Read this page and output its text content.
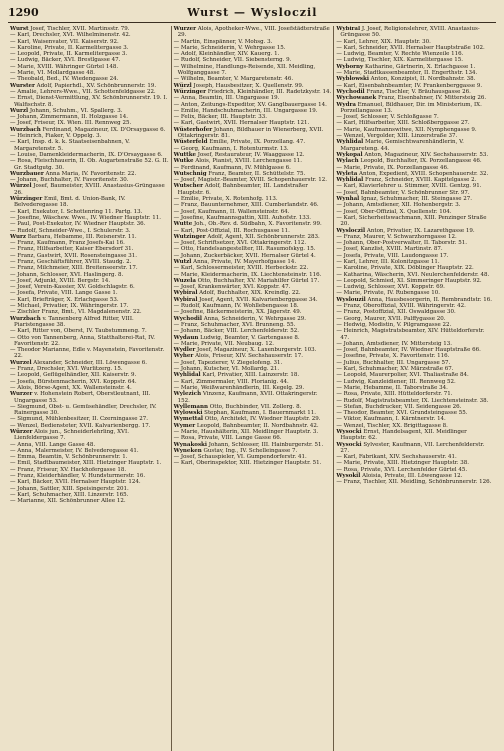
1290	Wurst — Wysloczil
Wurst Josef, Tischler, XVII. Martinsstr. 79.
— Karl, Drechsler, XVI. Wilhelminenstr. 42.
— Karl, Waisenvater, VII. Kaiserstr. 92.
— Karoline, Private, II. Karmelitergasse 3.
— Leopold, Private, II. Karmelitergasse 3.
— Ludwig, Bäcker, XVI. Brestlgasse 47.
— Marie, XVIII. Währinger Gürtel 148.
— Marie, VI. Mollardgasse 48.
— Theobald, Bed., IV. Wiedengasse 24.
Wurster Adolf, Papierhdl., XV. Schönbrunnerstr. 19.
— Amalie, Lehrers-Wwe., VII. Schottenfeldgasse 22.
— Ernst, Dienst-Vermittlung, XV. Schönbrunnerstr. 19. I. Walfischstr. 8.
Wurzl Johann, Schuhm., VI. Spallerg. 3.
— Johann, Zimmermann, II. Holzgasse 14.
— Josef, Friseur, IX. Wien. III. Rennweg 25.
Wurzbach Ferdinand, Magazineur, IX. D'Orsaygasse 6.
— Heinrich, Fiaker, V. Oppelg. 3.
— Karl, Insp. d. k. k. Staatseisenbahnen, V. Margaretenstr. 5.
— Louise, Damenkleidermacherin, IX. D'Orsaygasse 6.
— Rosa, Fleischhauerin, II. Ob. Augartenstraße 52. G. II. Gr. Stadtgutg. 30.
Wurzbauer Anna Maria, IV. Favoritenstr. 22.
— Johann, Buchhalter, IV. Favoritenstr. 30.
Würzel Josef, Baumeister, XVIII. Anastasius-Grüngasse 26.
Würzinger Emil, Bmt. d. Union-Bank, IV. Belvederegasse 18.
— Karl, Exekutor, I. Schottenring 11. Partg. 13.
— Josefine, Wäschew. Wwe., IV. Wiedner Hauptstr. 11.
— Paul, Post-Exekutor, IV. Wiedner Hauptstr. 36.
— Rudolf, Schneider-Wwe., I. Schulerstr. 3.
Wurz Barbara, Hebamme, III. Reisnerstr. 11.
— Franz, Kaufmann, Franz Josefs-Kai 16.
— Franz, Hilfsarbeiter, Kaiser Ebersdorf 31.
— Franz, Gastwirt, XVII. Rosensteingasse 31.
— Franz, Geschäftsführer, XVIII. Staudg. 2.
— Franz, Milchmeier, XIII. Breitenseerstr. 17.
— Johann, Schlosser, XVI. Haslingerg. 8.
— Josef, Adjunkt, XVIII. Bergstr. 14.
— Josef, Verein-Kassier, XV. Goldschlagstr. 6.
— Josefa, Private, VIII. Lange Gasse 1.
— Karl, Briefträger, X. Erlachgasse 53.
— Michael, Privatier, IX. Währingerstr. 17.
— Zischler Franz, Bmt., VI. Magdalenenstr. 22.
Wurzbach v. Tannenberg Alfred Ritter, VIII. Piaristengasse 38.
— Karl, Ritter von, Oberst, IV. Taubstummeng. 7.
— Otto von Tannenberg, Anna, Statthalterei-Rat, IV. Favoritenstr. 22.
— Theodor Marianne, Edle v. Mayenstein, Favoritenstr. 22.
Wurzel Alexander, Schneider, III. Löwengasse 6.
— Franz, Drechsler, XVI. Wurlitzerg. 15.
— Leopold, Geflügelhändler, XII. Kaiserstr. 9.
— Josefa, Bürstenmacherin, XVI. Koppstr. 64.
— Alois, Börse-Agent, XX. Wallensteinstr. 4.
Wurzer v. Hohenstein Robert, Oberstleutnant, III. Ungargasse 53.
— Siegmund, Obst- u. Gemüsehändler, Drechsler, IV. Rainergasse 30.
— Sigmund, Mühlenbesitzer, II. Czerningasse 27.
— Wenzel, Bediensteter, XVII. Kalvarienbergg. 17.
Würzer Alois jun., Schneiderlehrling, XVI. Lienfeldergasse 7.
— Anna, VIII. Lange Gasse 48.
— Anna, Malermeister, IV. Belvederegasse 41.
— Emma, Beamtin, V. Schönbrunnerstr. 1.
— Emil, Stadtbaumeister, XIII. Hietzinger Hauptstr. 1.
— Franz, Friseur, XV. Hackhofergasse 18.
— Franz, Kleiderhändler, V. Hundsturmerstr. 16.
— Karl, Bäcker, XVII. Hernalser Hauptstr. 124.
— Johann, Sattler, XIII. Speisingerstr. 201.
— Karl, Schuhmacher, XIII. Linzerstr. 165.
— Marianne, XII. Schönbrunner Allee 12.
Wurzer Alois, Apotheker-Wwe., VIII. Josefstädterstraße 29.
— Martin, Einspänner, V. Mohsg. 3.
— Marie, Schneiderin, V. Wehrgasse 15.
— Adolf, Kleinhändler, XIV. Kauerg. 1.
— Rudolf, Schneider, VII. Siebensterng. 9.
— Wilhelmine, Handlungs-Reisende, XII. Meidling, Wolfganggasse 7.
— Wilhelm, Beamter, V. Margaretenstr. 46.
Würzl Joseph, Hausbesitzer, X. Quellenstr. 99.
Würzinger Friedrich, Kleinhändler, III. Radetzkystr. 14.
— Anna, Beamtin, III. Ungargasse 19.
— Anton, Zeitungs-Expeditor, XV. Ganglbauergasse 14.
— Emilie, Handschuhmacherin, III. Ungargasse 19.
— Felix, Bäcker, III. Hauptstr. 33.
— Karl, Gastwirt, XVII. Hernalser Hauptstr. 121.
Wüsterhofer Johann, Bildhauer in Wienerberg, XVII. Ottakringerstr. 81.
Wüsterfeld Emilie, Private, IX. Porzellang. 47.
— Georg, Kaufmann, I. Rotenturmstr. 13.
Wuttke Josef, Restaurateur, IV. Waaggasse 12.
Wutke Alois, Pianist, XVIII. Lerchengasse 11.
— Ferdinand, Kaufmann, IV. Mühlgasse 6.
Wutschnig Franz, Beamter, II. Schüttelstr. 75.
— Josef, Magistr.-Beamter, XVIII. Schopenhauerstr. 12.
Wutscher Adolf, Bahnbeamter, III. Landstraßer Hauptstr. 6.
— Emilie, Private, X. Rotenhofg. 113.
— Franz, Bauunternehmer, XIII. Cumberlandstr. 46.
— Josef, Kaufmann, II. Wallensteinstr. 64.
— Josefine, Kaufmannsgattin, XIII. Auhofstr. 133.
Wutte Joh., Ob.-Rev. d. Südbahn, X. Favoritenstr. 99.
— Karl, Post-Offizial, III. Rochusgasse 11.
Wutzinger Adolf, Agent, XII. Schönbrunnerstr. 283.
— Josef, Schriftsetzer, XVI. Ottakringerstr. 112.
— Otto, Handelsangestellter, III. Rasumofskyg. 15.
— Johann, Zuckerbäcker, XVII. Hernalser Gürtel 4.
Wutzl Anna, Private, IV. Mayerhofgasse 14.
— Karl, Schlossermeister, XVIII. Herbeckstr. 22.
— Marie, Kleidermacherin, IX. Liechtensteinstr. 116.
Wuzela Otto, Buchhalter, XV. Mariahilfer Gürtel 17.
— Josef, Krankenwärter, XVI. Koppstr. 47.
Wybiral Adolf, Buchhalter, XIX. Kreindlg. 22.
Wybiral Josef, Agent, XVII. Kalvarienberggasse 34.
— Rudolf, Kaufmann, IV. Wohllebengasse 18.
— Josefine, Bäckermeisterin, XX. Jägerstr. 49.
Wychodil Anna, Schneiderin, V. Wehrgasse 29.
— Franz, Schuhmacher, XVI. Brunneng. 55.
— Johann, Bäcker, VIII. Lerchenfelderstr. 52.
Wydaun Ludwig, Beamter, V. Gartengasse 8.
— Marie, Private, VII. Neubaug. 12.
Wydler Josef, Magazineur, X. Laxenburgerstr. 103.
Wyher Alois, Friseur, XIV. Sechshauserstr. 17.
— Josef, Tapezierer, V. Ziegelofeng. 31.
— Johann, Kutscher, VI. Mollardg. 21.
Wyhlidal Karl, Privatier, XIII. Lainzerstr. 18.
— Karl, Zimmermaler, VIII. Florianig. 44.
— Marie, Weißwarenhändlerin, III. Kegelg. 29.
Wylezich Vinzenz, Kaufmann, XVII. Ottakringerstr. 152.
Wyllemann Otto, Buchbinder, VII. Zollerg. 8.
Wylowski Stephan, Kaufmann, I. Bauernmarkt 11.
Wymettal Otto, Architekt, IV. Wiedner Hauptstr. 29.
Wymer Leopold, Bahnbeamter, II. Nordbahnstr. 42.
— Marie, Haushälterin, XII. Meidlinger Hauptstr. 3.
— Rosa, Private, VIII. Lange Gasse 66.
Wynakoski Johann, Schlosser, III. Hainburgerstr. 51.
Wyneken Gustav, Ing., IV. Schelleingasse 7.
— Josef, Schauspieler, VI. Gumpendorferstr. 41.
— Karl, Oberinspektor, XIII. Hietzinger Hauptstr. 51.
Wybiral J. Josef, Religionslehrer, XVIII. Anastasius-Grüngasse 50.
— Karl, Lehrer, XIX. Hauptstr. 30.
— Karl, Schneider, XVII. Hernalser Hauptstraße 102.
— Ludwig, Beamter, V. Rechte Wienzeile 116.
— Ludwig, Tischler, XIX. Karmelitergasse 15.
Wyborny Katharine, Gärtnerin, X. Erlachgasse 1.
— Marie, Stadtkassenbeamter, II. Engerthstr. 134.
Wyblowski Anton, Konzipist, II. Nordbahnstr. 38.
— Karl, Eisenbahnbeamter, IV. Frankenberggasse 9.
Wychodil Franz, Tischler, V. Bräuhausgasse 26.
Wychowanek Franz, Eisenbahner, IV. Mittersteig 26.
Wydra Emanuel, Bildhauer, Dir. im Ministerium, IX. Porzellangasse 13.
— Josef, Schlosser, V. Schloßgasse 7.
— Karl, Hilfsarbeiter, XIII. Schloßberggasse 27.
— Marie, Kaufmannswitwe, XII. Nymphengasse 9.
— Wenzel, Vergolder, XIII. Linzerstraße 37.
Wyhlidal Marie, Gemischtwarenhändlerin, V. Margareteng. 44.
Wykopal Anton, Magazineur, XIV. Sechshauserstr. 53.
Wylach Leopold, Buchhalter, IX. Porzellangasse 46.
— Marie, Private, IX. Porzellangasse 46.
Wyleta Anton, Expedient, XVIII. Schopenhauerstr. 32.
Wyhlidal Franz, Schneider, XVIII. Kapitelgasse 2.
— Karl, Klavierlehrer u. Stimmer, XVIII. Gentzg. 91.
— Josef, Bahnbeamter, V. Schönbrunner Str. 97.
Wynhal Ignaz, Schuhmacher, III. Steingasse 27.
— Johann, Amtsdiener, XII. Hohenbergstr. 3.
— Josef, Ober-Offizial, X. Quellenstr. 104.
— Karl, Sicherheitswachmann, XIII. Penzinger Straße 20.
Wysloczil Anton, Privatier, IX. Lazarethgasse 19.
— Franz, Maurer, V. Schwarzhorngasse 12.
— Johann, Ober-Postverwalter, II. Taborstr. 51.
— Josef, Kanzlist, XVIII. Martinstr. 87.
— Josefa, Private, VIII. Laudongasse 17.
— Karl, Lehrer, III. Kolonitzgasse 11.
— Karoline, Private, XIX. Döblinger Hauptstr. 22.
— Katharina, Wäscherin, XVI. Neulerchenfelderstr. 48.
— Leopold, Schmied, XI. Simmeringer Hauptstr. 92.
— Ludwig, Schlosser, XVI. Koppstr. 69.
— Marie, Private, IV. Rubengasse 10.
Wyslouzil Anna, Hausbesorgerin, II. Rembrandtstr. 16.
— Franz, Oberoffizial, XVIII. Währingerstr. 42.
— Franz, Postoffizial, XII. Oswaldgasse 30.
— Georg, Maurer, XVII. Palffygasse 20.
— Hedwig, Modistin, V. Pilgramgasse 22.
— Heinrich, Magistratsbeamter, XIV. Hütteldorferstr. 47.
— Johann, Amtsdiener, IV. Mittersteig 13.
— Josef, Bahnbeamter, IV. Wiedner Hauptstraße 66.
— Josefine, Private, X. Favoritenstr. 116.
— Julius, Buchhalter, III. Ungargasse 57.
— Karl, Schuhmacher, XV. Märzstraße 67.
— Leopold, Maurerpolier, XVI. Thaliastraße 84.
— Ludwig, Kanzleidiener, III. Rennweg 52.
— Marie, Hebamme, II. Taborstraße 34.
— Rosa, Private, XIII. Hütteldorferstr. 71.
— Rudolf, Magistratsbeamter, IX. Liechtensteinstr. 38.
— Stefan, Buchdrucker, VII. Seidengasse 26.
— Theodor, Beamter, XVI. Grundsteingasse 55.
— Viktor, Kaufmann, I. Kärntnerstr. 14.
— Wenzel, Tischler, XX. Brigittagasse 8.
Wysocki Ernst, Handelsagent, XII. Meidlinger Hauptstr. 62.
Wysocki Sylvester, Kaufmann, VII. Lerchenfelderstr. 27.
— Karl, Fabrikant, XIV. Sechshauserstr. 41.
— Marie, Private, XIII. Hietzinger Hauptstr. 38.
— Rosa, Private, XVI. Lerchenfelder Gürtel 45.
Wysokil Aloisia, Private, III. Löwengasse 12.
— Franz, Tischler, XII. Meidling, Schönbrunnerstr. 126.
